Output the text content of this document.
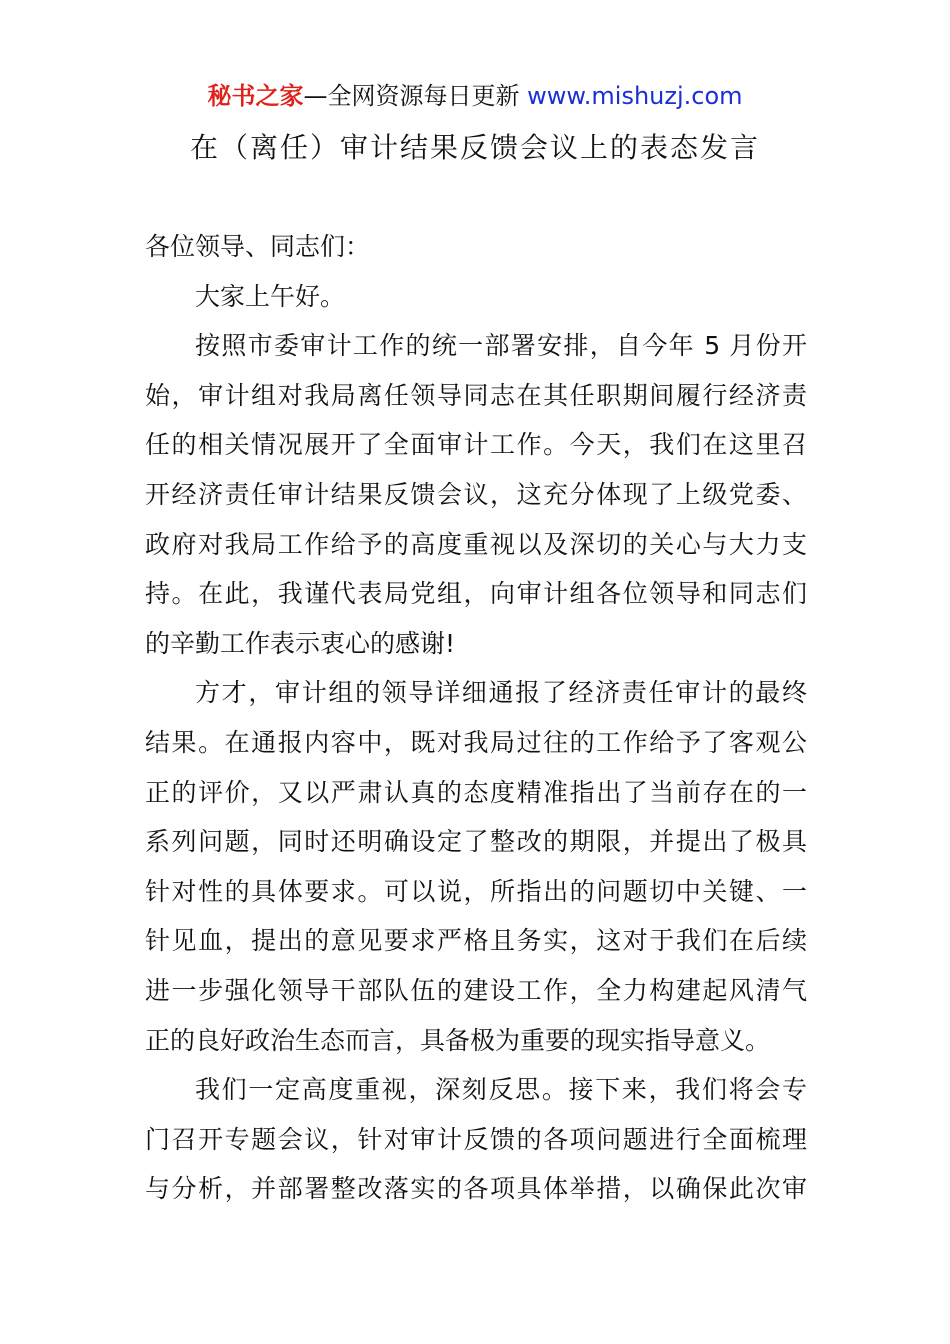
秘书之家—全网资源每日更新 www.mishuzj.com
在（离任）审计结果反馈会议上的表态发言
各位领导、同志们：
大家上午好。
按照市委审计工作的统一部署安排，自今年 5 月份开
始，审计组对我局离任领导同志在其任职期间履行经济责
任的相关情况展开了全面审计工作。今天，我们在这里召
开经济责任审计结果反馈会议，这充分体现了上级党委、
政府对我局工作给予的高度重视以及深切的关心与大力支
持。在此，我谨代表局党组，向审计组各位领导和同志们
的辛勤工作表示衷心的感谢!
方才，审计组的领导详细通报了经济责任审计的最终
结果。在通报内容中，既对我局过往的工作给予了客观公
正的评价，又以严肃认真的态度精准指出了当前存在的一
系列问题，同时还明确设定了整改的期限，并提出了极具
针对性的具体要求。可以说，所指出的问题切中关键、一
针见血，提出的意见要求严格且务实，这对于我们在后续
进一步强化领导干部队伍的建设工作，全力构建起风清气
正的良好政治生态而言，具备极为重要的现实指导意义。
我们一定高度重视，深刻反思。接下来，我们将会专
门召开专题会议，针对审计反馈的各项问题进行全面梳理
与分析，并部署整改落实的各项具体举措，以确保此次审
